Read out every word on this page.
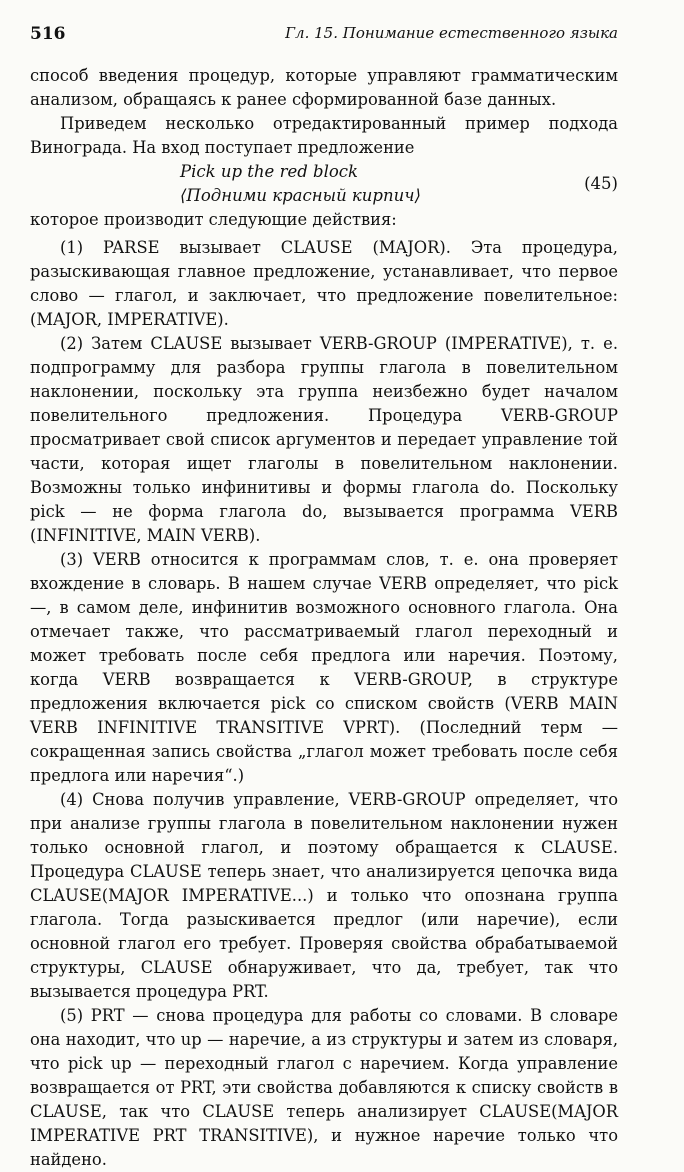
516	Гл. 15. Понимание естественного языка

способ введения процедур, которые управляют грамматическим анализом, обращаясь к ранее сформированной базе данных.

Приведем несколько отредактированный пример подхода Винограда. На вход поступает предложение

Pick up the red block
⟨Подними красный кирпич⟩
(45)

которое производит следующие действия:

(1) PARSE вызывает CLAUSE (MAJOR). Эта процедура, разыскивающая главное предложение, устанавливает, что первое слово — глагол, и заключает, что предложение повелительное: (MAJOR, IMPERATIVE).

(2) Затем CLAUSE вызывает VERB-GROUP (IMPERATIVE), т. е. подпрограмму для разбора группы глагола в повелительном наклонении, поскольку эта группа неизбежно будет началом повелительного предложения. Процедура VERB-GROUP просматривает свой список аргументов и передает управление той части, которая ищет глаголы в повелительном наклонении. Возможны только инфинитивы и формы глагола do. Поскольку pick — не форма глагола do, вызывается программа VERB (INFINITIVE, MAIN VERB).

(3) VERB относится к программам слов, т. е. она проверяет вхождение в словарь. В нашем случае VERB определяет, что pick—, в самом деле, инфинитив возможного основного глагола. Она отмечает также, что рассматриваемый глагол переходный и может требовать после себя предлога или наречия. Поэтому, когда VERB возвращается к VERB-GROUP, в структуре предложения включается pick со списком свойств (VERB MAIN VERB INFINITIVE TRANSITIVE VPRT). (Последний терм — сокращенная запись свойства „глагол может требовать после себя предлога или наречия“.)

(4) Снова получив управление, VERB-GROUP определяет, что при анализе группы глагола в повелительном наклонении нужен только основной глагол, и поэтому обращается к CLAUSE. Процедура CLAUSE теперь знает, что анализируется цепочка вида CLAUSE(MAJOR IMPERATIVE...) и только что опознана группа глагола. Тогда разыскивается предлог (или наречие), если основной глагол его требует. Проверяя свойства обрабатываемой структуры, CLAUSE обнаруживает, что да, требует, так что вызывается процедура PRT.

(5) PRT — снова процедура для работы со словами. В словаре она находит, что up — наречие, а из структуры и затем из словаря, что pick up — переходный глагол с наречием. Когда управление возвращается от PRT, эти свойства добавляются к списку свойств в CLAUSE, так что CLAUSE теперь анализирует CLAUSE(MAJOR IMPERATIVE PRT TRANSITIVE), и нужное наречие только что найдено.
